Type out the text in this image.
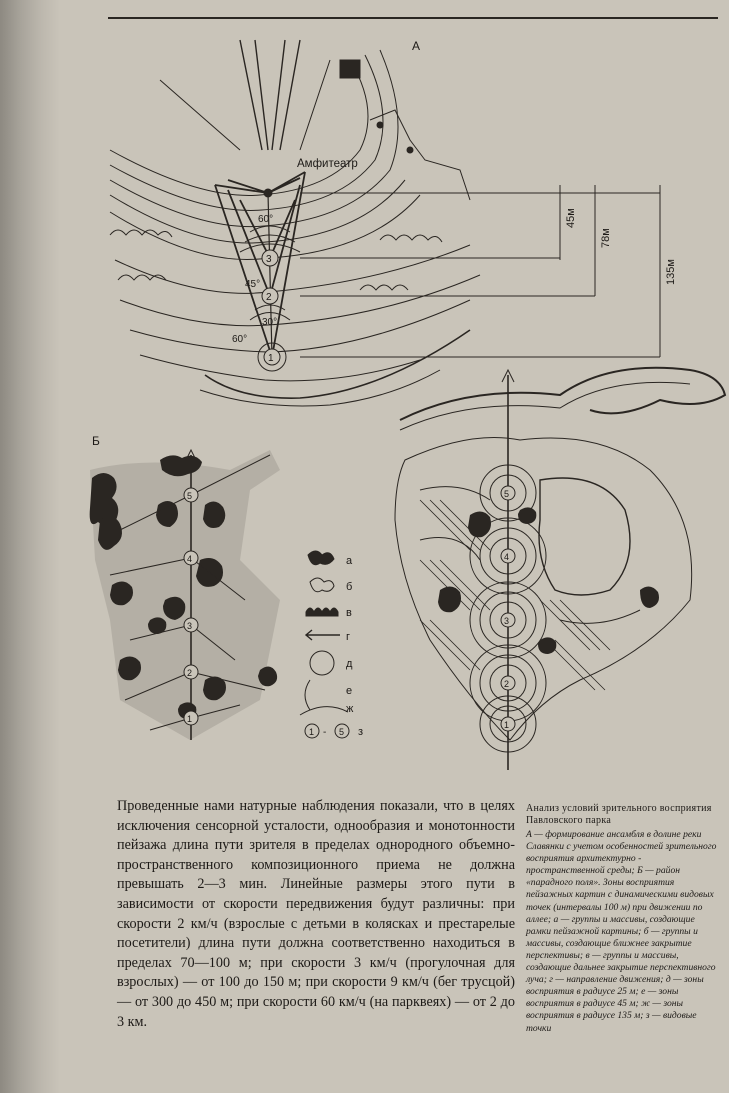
А
Амфитеатр
60°
45°
30°
60°
3
2
1
45м
78м
135м
Б
5
4
3
2
1
5
4
3
2
1
а
б
в
г
д
е
ж
1 - 5 з

Проведенные нами натурные наблюдения показали, что в целях исключения сенсорной усталости, однообразия и монотонности пейзажа длина пути зрителя в пределах однородного объемно-пространственного композиционного приема не должна превышать 2—3 мин. Линейные размеры этого пути в зависимости от скорости передвижения будут различны: при скорости 2 км/ч (взрослые с детьми в колясках и престарелые посетители) длина пути должна соответственно находиться в пределах 70—100 м; при скорости 3 км/ч (прогулочная для взрослых) — от 100 до 150 м; при скорости 9 км/ч (бег трусцой) — от 300 до 450 м; при скорости 60 км/ч (на парквеях) — от 2 до 3 км.

Анализ условий зрительного восприятия Павловского парка
А — формирование ансамбля в долине реки Славянки с учетом особенностей зрительного восприятия архитектурно - пространственной среды; Б — район «парадного поля». Зоны восприятия пейзажных картин с динамическими видовых точек (интервалы 100 м) при движении по аллее; а — группы и массивы, создающие рамки пейзажной картины; б — группы и массивы, создающие ближнее закрытие перспективы; в — группы и массивы, создающие дальнее закрытие перспективного луча; г — направление движения; д — зоны восприятия в радиусе 25 м; е — зоны восприятия в радиусе 45 м; ж — зоны восприятия в радиусе 135 м; з — видовые точки
